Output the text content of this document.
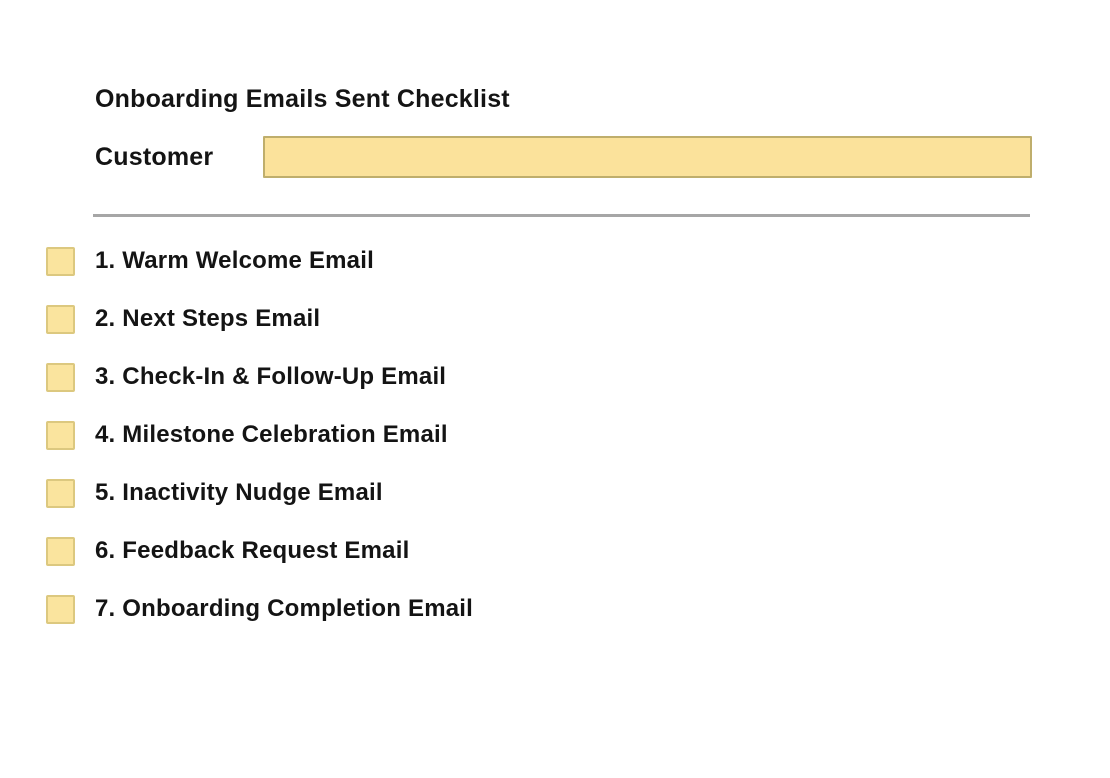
Onboarding Emails Sent Checklist
Customer
1. Warm Welcome Email
2. Next Steps Email
3. Check-In & Follow-Up Email
4. Milestone Celebration Email
5. Inactivity Nudge Email
6. Feedback Request Email
7. Onboarding Completion Email
